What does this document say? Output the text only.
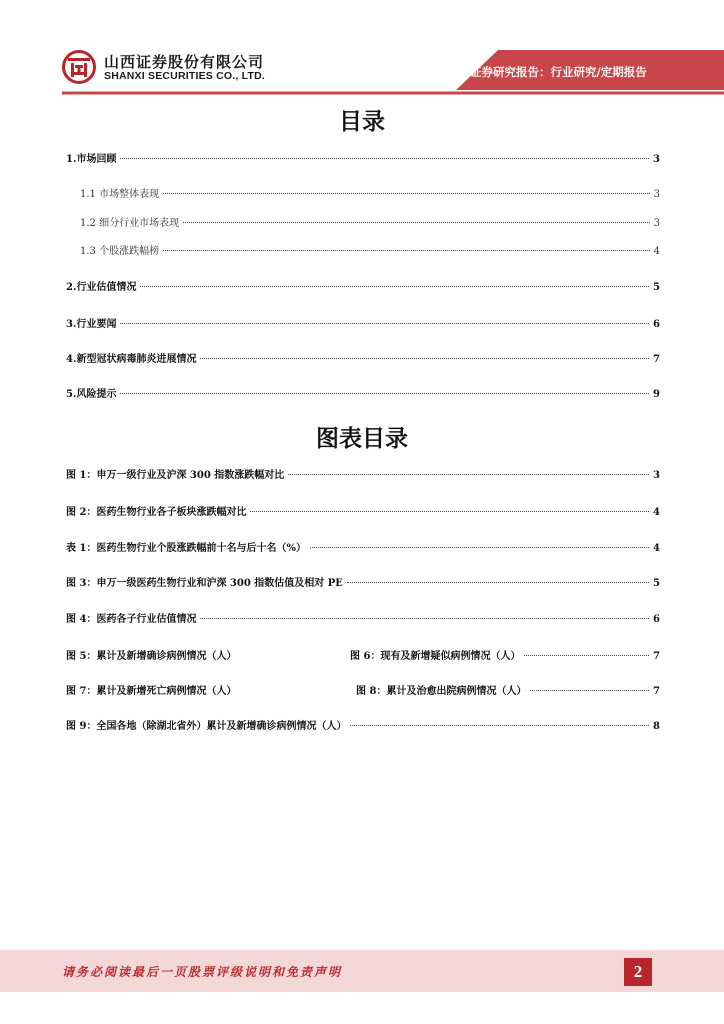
山西证券股份有限公司
SHANXI SECURITIES CO., LTD.	证券研究报告：行业研究/定期报告
目录
1.市场回顾	3
1.1 市场整体表现	3
1.2 细分行业市场表现	3
1.3 个股涨跌幅榜	4
2.行业估值情况	5
3.行业要闻	6
4.新型冠状病毒肺炎进展情况	7
5.风险提示	9
图表目录
图 1：申万一级行业及沪深 300 指数涨跌幅对比	3
图 2：医药生物行业各子板块涨跌幅对比	4
表 1：医药生物行业个股涨跌幅前十名与后十名（%）	4
图 3：申万一级医药生物行业和沪深 300 指数估值及相对 PE	5
图 4：医药各子行业估值情况	6
图 5：累计及新增确诊病例情况（人）	图 6：现有及新增疑似病例情况（人）	7
图 7：累计及新增死亡病例情况（人）	图 8：累计及治愈出院病例情况（人）	7
图 9：全国各地（除湖北省外）累计及新增确诊病例情况（人）	8
请务必阅读最后一页股票评级说明和免责声明	2
